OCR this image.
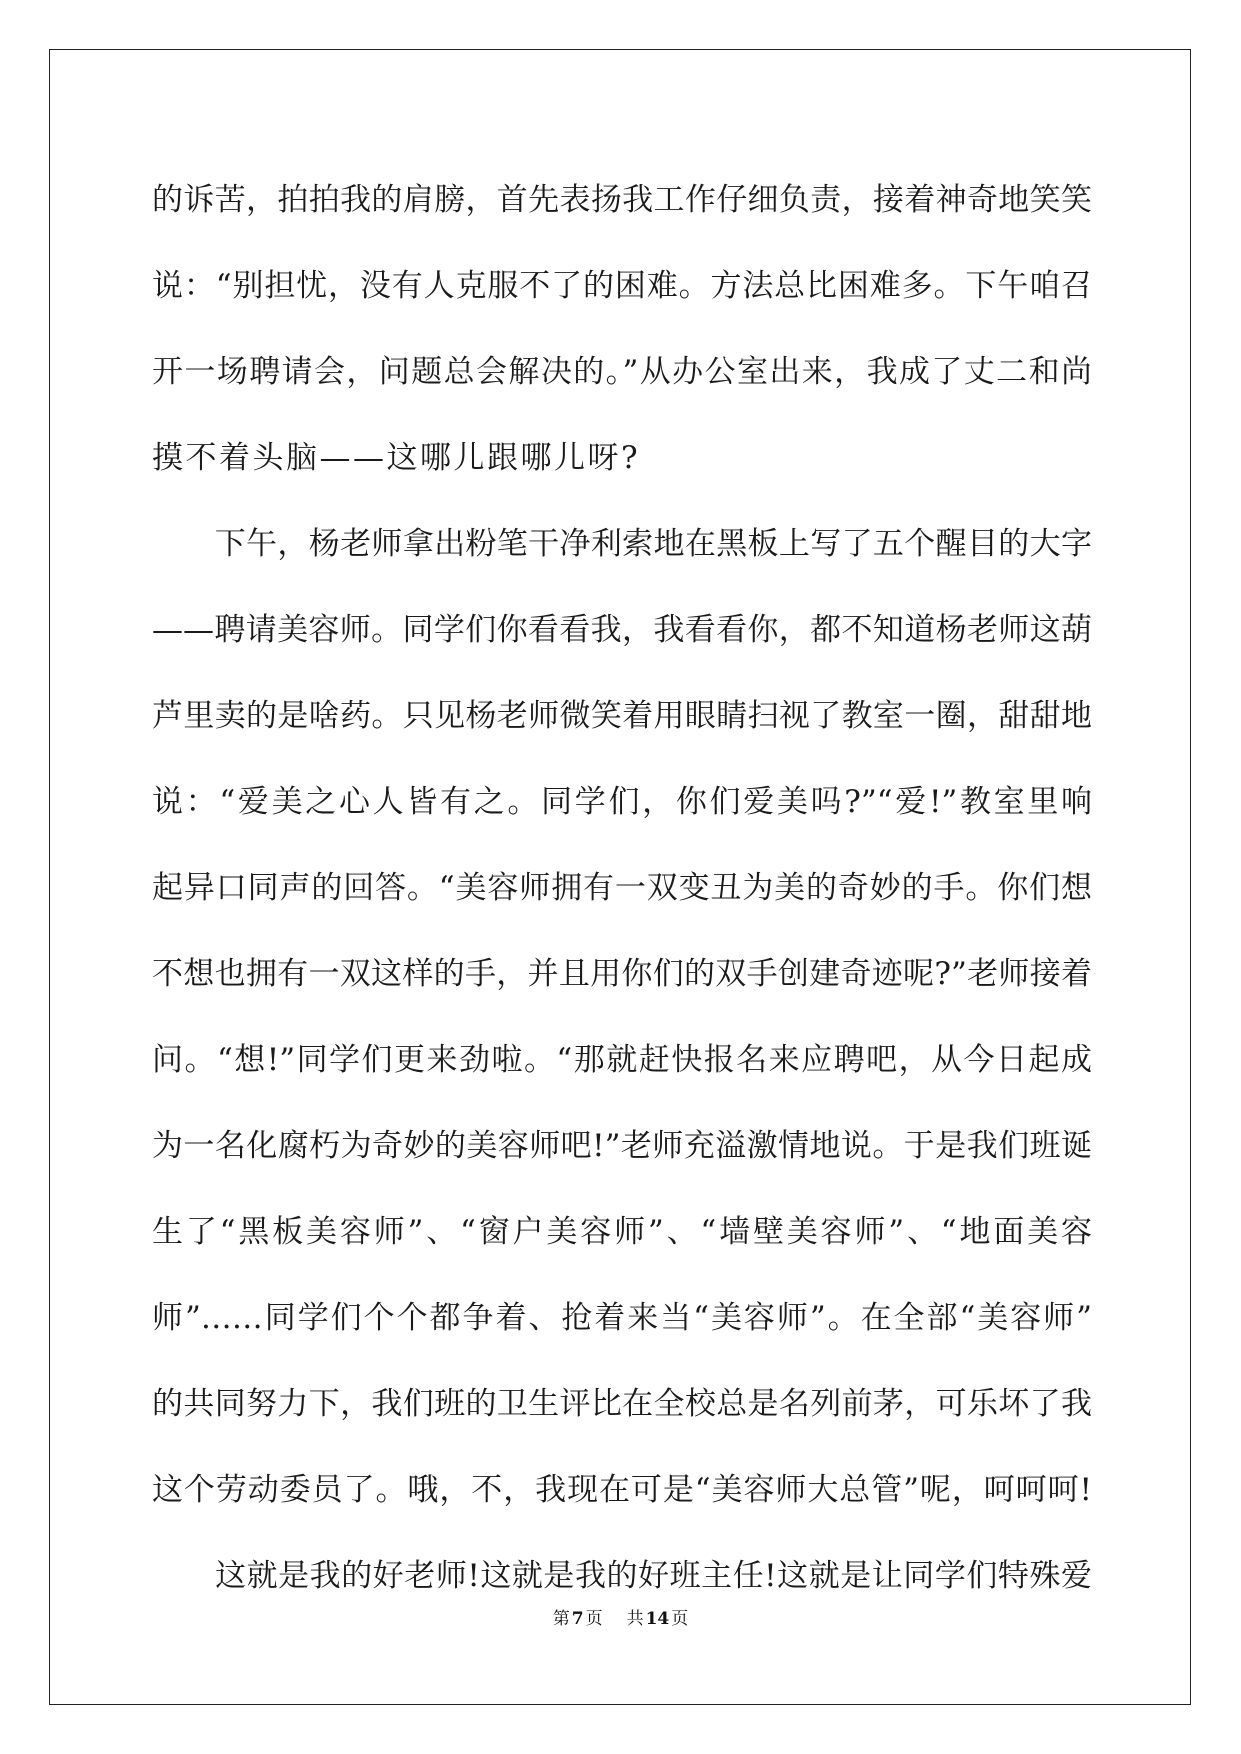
的诉苦，拍拍我的肩膀，首先表扬我工作仔细负责，接着神奇地笑笑
说：“别担忧，没有人克服不了的困难。方法总比困难多。下午咱召
开一场聘请会，问题总会解决的。”从办公室出来，我成了丈二和尚
摸不着头脑——这哪儿跟哪儿呀?
　　下午，杨老师拿出粉笔干净利索地在黑板上写了五个醒目的大字
——聘请美容师。同学们你看看我，我看看你，都不知道杨老师这葫
芦里卖的是啥药。只见杨老师微笑着用眼睛扫视了教室一圈，甜甜地
说：“爱美之心人皆有之。同学们，你们爱美吗?”“爱!”教室里响
起异口同声的回答。“美容师拥有一双变丑为美的奇妙的手。你们想
不想也拥有一双这样的手，并且用你们的双手创建奇迹呢?”老师接着
问。“想!”同学们更来劲啦。“那就赶快报名来应聘吧，从今日起成
为一名化腐朽为奇妙的美容师吧!”老师充溢激情地说。于是我们班诞
生了“黑板美容师”、“窗户美容师”、“墙壁美容师”、“地面美容
师”……同学们个个都争着、抢着来当“美容师”。在全部“美容师”
的共同努力下，我们班的卫生评比在全校总是名列前茅，可乐坏了我
这个劳动委员了。哦，不，我现在可是“美容师大总管”呢，呵呵呵!
　　这就是我的好老师!这就是我的好班主任!这就是让同学们特殊爱
第 7 页 共 14 页
